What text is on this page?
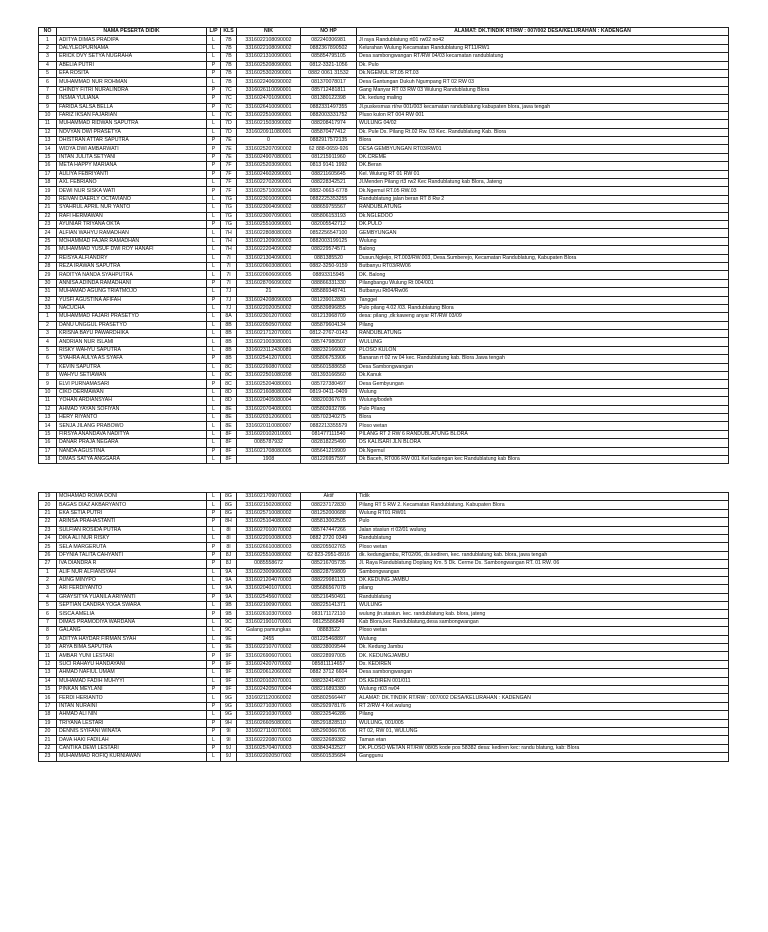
NO	NAMA PESERTA DIDIK	L/P	KLS	NIK	NO HP	ALAMAT: DK.TINDIK RT/RW : 007/002 DESA/KELURAHAN : KADENGAN
1	ADITYA DIMAS PRADIPA	L	7B	3316022108090002	082240306981	Jl raya Randublatung rt01 rw02 no42
2	DALYLEOPURNAMA	L	7B	3316022108090002	0882367890502	Kelurahan Wulung Kecamatan Randublatung RT11/RW1
3	ERICK DVY SETYA NUGRAHA	L	7B	3316021310090001	085854795105	Desa sambongwangan RT/RW 04/03 kecamatan randublatung
4	ABELIA PUTRI	P	7B	3316025208090001	0812-3321-1056	Dk. Pulo
5	EFA ROSITA	P	7B	3316025302090001	0882 0061 31532	Dk.NGEMUL RT.05 RT.03
6	MUHAMMAD NUR ROHMAN	L	7B	3316022406090002	081370078017	Desa Gantungan Dukuh Ngumpang RT 02 RW 03
7	CHINDY FITRI NURALINDRA	P	7C	3316026110090001	085712481811	Gang Manyar RT 03 RW 03 Wulung Randublatung Blora
8	INSMA YULIANA	P	7C	3316024701090001	081380122398	Dk. kedung maling
9	FARIDA SALSA BELLA	P	7C	3316026410090001	0882331497355	Jl.puskesmas rt/rw 001/003 kecamatan randublatung kabupaten blora, jawa tengah
10	FARIZ IKSAN FAJARIAN	L	7C	3316022510090001	0882003331752	Pluso kulon RT 004 RW 001
11	MUHAMMAD RIDWAN SAPUTRA	L	7D	3316021503090002	088208417974	WULUNG 04/02
12	NOVYAN DWI PRASETYA	L	7D	3316020911080001	085870477412	Dk. Pule Ds. Pilang Rt.02 Rw. 03 Kec. Randublatung Kab. Blora
13	DHISTRAN ATTAR SAPUTRA	P	7E	0	0882917572135	Blora
14	WIDYA DWI AMBARWATI	P	7E	3316025207090002	62 888-0659-926	DESA GEMBYUNGAN RT03/RW01
15	INTAN JULITA SETYANI	P	7E	3316024907080001	081215911960	DK.CREME
16	META HAPPY MARIANA	P	7F	3316025203090001	0813 9141 1992	DK.Beran
17	AULIYA FEBRIYANTI	P	7F	3316024602090001	088211605645	Kel. Wulung RT 01 RW 01
18	AXL FEBRIANO	L	7F	3316022702090001	088228342521	Jl.Menden Pilang rt3 rw2 Kec Randublatung kab Blora, Jateng
19	DEWI NUR SISKA WATI	P	7F	3316025710090004	0882-0663-6778	Dk.Ngemul RT.05 RW.03
20	REIVAN DAERLY OCTAVIANO	L	7G	3316023010090001	0882225353255	Randublatung jalan beran RT 8 Rw 2
21	SYAHRUL APRIL NUR YANTO	L	7G	3316023004090002	088659755567	RANDUBLATUNG
22	RAFI HERMAWAN	L	7G	3316023007090001	085806153193	Dk.NGLEDOO
23	AYUNIAR TRIYANA OKTA	P	7G	3316025510090001	082005542712	DK.PULO
24	ALFIAN WAHYU RAMADHAN	L	7H	3316022808080003	0852256547100	GEMBYUNGAN
25	MOHAMMAD FAJAR RAMADHAN	L	7H	3316021209090003	0882003199125	Wulung
26	MUHAMMAD YUSUF DWI ROY HANAFI	L	7H	3316022204090002	088229574571	Balong
27	REISYA ALFIANDRY	L	7I	3316021304090001	0881385520	Dusun.Ngleijo, RT.003/RW.003, Desa.Sumberejo, Kecamatan Randublatung, Kabupaten Blora
28	REZA IRAWAN SAPUTRA	L	7I	3316020603080001	0882-3250-9159	Butbanyu RT03/RW06
29	RADITYA NANDA SYAHPUTRA	L	7I	3316020606090005	08893315945	DK. Balong
30	ANNISA ADINDA RAMADHANI	P	7I	3316028706090002	088866331330	Pilangbangu Wulung Rt 004/001
31	MUHAMAD AGUNG TRIATMOJO	L	7J	21	085889348741	Butbanyu Rt04/Rw06
32	YUSFI AGUSTINA AFIFAH	P	7J	3316024208090003	081239012830	Tanggel
33	NACUCHA	L	7J	3316022020050002	085839896855	Pulo pilang 4.02 /03. Randublatung Blora
1	MUHAMMAD FAJARI PRASETYO	L	8A	3316023012070002	081213968709	desa: pilang ,dk:kaweng anyar RT/RW 03/09
2	DANU UNGGUL PRASETYO	L	8B	3316020505070002	085879604134	Pilang
3	KRISNA BAYU PAWARDHIKA	L	8B	3316021712070001	0812-2767-0143	RANDUBLATUNG
4	ANDRIAN NUR ISLAMI	L	8B	3316021003080001	085747980507	WULUNG
5	RISKY WAHYU SAPUTRA	L	8B	3316023112430089	088232166002	PLOSO KULON
6	SYAHRA AULYA AS SYAFA	P	8B	3316025412070001	085806753906	Banaran rt 02 rw 04 kec. Randublatung kab. Blora Jawa tengah
7	KEVIN SAPUTRA	L	8C	3316022608070002	085601588658	Desa Sambongwangan
8	WAHYU SETIAWAN	L	8C	3316022501080208	081393166560	Dk.Kanuk
9	ELVI PURNAMASARI	P	8C	3316025204080001	085727380497	Desa Gembyungan
10	CIKO DERMAWAN	L	8D	3316021608080002	0819-0411-0409	Wulung
11	YOHAN ARDIANSYAH	L	8D	3316020405080004	088200367678	Wulung/bodeh
12	AHMAD YAYAN SOFIYAN	L	8E	3316020704080001	085803932786	Pulo Pilang
13	HERY RIYANTO	L	8E	3316020312060001	085702340275	Blora
14	SENJA JILANG PRABOWO	L	8E	3316020110080007	0882213355579	Ploso wetan
15	FIRSYA ANANDAVA NADITYA	L	8F	3316020102010001	081477111540	PILANG RT 2 RW 6 RANDUBLATUNG BLORA
16	DANAR PRAJA NEGARA	L	8F	0085787932	082818225490	DS KALISARI JLN BLORA
17	NANDA AGUSTINA	P	8F	3316021708080005	085641219909	Dk.Ngemul
18	DIMAS SATYA ANGGARA	L	8F	1908	081226957597	Dk Baceh, RT006 RW 001 Kel kadengan kec Randublatung kab Blora
19	MOHAMAD ROMA DONI	L	8G	3316021709070002	Aktif	Tidik
20	BAGAS DIAZ AKBARYANTO	L	8G	3316021502080002	088237172830	Pilang RT 5 RW 2. Kecamatan Randublatung. Kabupaten Blora
21	EKA SETIA PUTRI	P	8G	3316025710080002	081252000688	Wulung RT01 RW01
22	ARINSA PRAHASTANTI	P	8H	3316025104080002	085813002505	Pulo
23	SULFIAN ROSIDA PUTRA	L	8I	3316027010070002	085747447266	Jalan stasiun rt 02/01 wulung
24	DIKA ALI NUR RISKY	L	8I	3316022010080003	0882 2720 0349	Randublatung
25	SELA MARGERUTA	P	8I	3316026610080003	088205502765	Ploso wetan
26	DFYNIA TALITA CAHYANTI	P	8J	3316025510080002	62 823-2951-8916	dk. kedungjambu, RT02/06, ds.kediren, kec. randublatung kab. blora, jawa tengah
27	IVA DIANDRA R	P	8J	0085558672	085216705735	Jl. Raya Randublatung Doplang Km. 5 Dk. Cerme Ds. Sambongwangan RT. 01 RW. 06
1	ALIF NUR ALFIANSYAH	L	9A	3316023009060002	088228759809	Sambongwangan
2	AUNG MINYPO	L	9A	3316021204070003	088229981131	DK.KEDUNG JAMBU
3	ARI FERDIYANTO	L	9A	3316020401070001	085686567078	pilang
4	GRAYSITYA YUANILA ARIYANTI	P	9A	3316025456070002	085216450491	Randublatung
5	SEPTIAN CANDRA YOGA SWARA	L	9B	3316021009070001	088225141371	WULUNG
6	SISCA AMELIA	P	9B	3316026103070003	083171172110	wulung jln.stasiun. kec. randublatung kab. blora, jateng
7	DIMAS PRAMODIYA WARDANA	L	9C	3316021901070001	08125586849	Kab Blora,kec Randublatung,desa sambongwangan
8	GALANG	L	9C	Galang pamungkas	08883522	Ploso wetan
9	ADITYA HAYDAR FIRMAN SYAH	L	9E	2455	081225468897	Wulung
10	ARYA BIMA SAPUTRA	L	9E	3316022107070002	088238009544	Dk. Kedung Jambu
11	AMBAR YUNI LESTARI	P	9F	3316026906070001	088228997005	DK. KEDUNGJAMBU
12	SUCI RAHAYU HANDAYANI	P	9F	3316024207070002	085811114657	Ds. KEDIREN
13	AHMAD NAFIUL UMAM	L	9F	3316020612060002	0882 3712 6604	Desa sambongwangan
14	MUHAMAD FADIH MUHYYI	L	9F	3316020102070001	088232414937	DS.KEDIREN 001/011
15	PINKAN MEYLANI	P	9F	3316024205070004	088216893380	Wulung rt03 rw04
16	FERDI HERIANTO	L	9G	3316021120060002	085802566447	ALAMAT: DK.TINDIK RT/RW : 007/002 DESA/KELURAHAN : KADENGAN
17	INTAN NURAINI	P	9G	3316027103070003	085292978176	RT 2/RW 4 Kel.wulung
18	AHMAD ALI NIN	L	9G	3316022103070003	088232546286	Pilang
19	TRIYANA LESTARI	P	9H	3316026605080001	085291828510	WULUNG, 001/005
20	DENNIS SYIFANI WINATA	P	9I	3316027110070001	085290366706	RT 02, RW 01, WULUNG
21	DAVA HAKI FADILAH	L	9I	3316022208070003	088232689382	Taman etan
22	CANTIKA DEWI LESTARI	P	9J	3316025704070003	083843432527	DK.PLOSO WETAN RT/RW 08/05 kode pos 58382 desa: kediren kec: randu blatung, kab: Blora
23	MUHAMMAD ROFIQ KURNIAWAN	L	9J	3316022020507002	085601535684	Ganggunu
